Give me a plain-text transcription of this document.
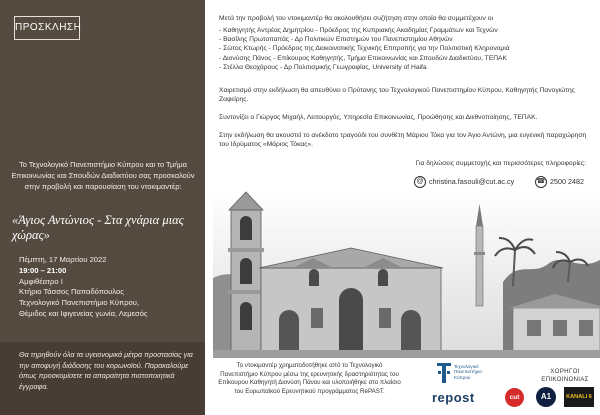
ΠΡΟΣΚΛΗΣΗ
Το Τεχνολογικό Πανεπιστήμιο Κύπρου και το Τμήμα Επικοινωνίας και Σπουδών Διαδικτύου σας προσκαλούν στην προβολή και παρουσίαση του ντοκιμαντέρ:
«Άγιος Αντώνιος - Στα χνάρια μιας χώρας»
Πέμπτη, 17 Μαρτίου 2022
19:00 – 21:00
Αμφιθέατρο Ι
Κτήριο Τάσσος Παπαδόπουλος
Τεχνολογικό Πανεπιστήμιο Κύπρου,
Θέμιδος και Ιφιγενείας γωνία, Λεμεσός
Θα τηρηθούν όλα τα υγειονομικά μέτρα προστασίας για την αποφυγή διάδοσης του κορωνοϊού. Παρακαλούμε όπως προσκομίσετε τα απαραίτητα πιστοποιητικά έγγραφα.
Μετά την προβολή του ντοκιμαντέρ θα ακολουθήσει συζήτηση στην οποία θα συμμετέχουν οι
- Καθηγητής Αντρέας Δημητρίου - Πρόεδρος της Κυπριακής Ακαδημίας Γραμμάτων και Τεχνών
- Βασίλης Πρωτοπαπάς - Δρ Πολιτικών Επιστημών του Πανεπιστημίου Αθηνών
- Σώτος Κτωρής - Πρόεδρος της Διακοινοτικής Τεχνικής Επιτροπής για την Πολιτιστική Κληρονομιά
- Διονύσης Πάνος - Επίκουρος Καθηγητής, Τμήμα Επικοινωνίας και Σπουδών Διαδικτύου, ΤΕΠΑΚ
- Στέλλα Θεοχάρους - Δρ Πολιτισμικής Γεωγραφίας, University of Haifa
Χαιρετισμό στην εκδήλωση θα απευθύνει ο Πρύτανης του Τεχνολογικού Πανεπιστημίου Κύπρου, Καθηγητής Πανογιώτης Ζαφείρης.
Συντονίζει ο Γιώργος Μιχαήλ, Λειτουργός, Υπηρεσία Επικοινωνίας, Προώθησης και Διεθνοποίησης, ΤΕΠΑΚ.
Στην εκδήλωση θα ακουστεί το ανέκδοτο τραγούδι του συνθέτη Μάριου Τόκα για τον Άγιο Αντώνη, μια ευγενική παραχώρηση του Ιδρύματος «Μάριος Τόκας».
Για δηλώσεις συμμετοχής και περισσότερες πληροφορίες:
@ christina.fasouli@cut.ac.cy	☎ 2500 2482
Το ντοκιμαντέρ χρηματοδοτήθηκε από το Τεχνολογικό Πανεπιστήμιο Κύπρου μέσω της ερευνητικής δραστηριότητας του Επίκουρου Καθηγητή Διονύση Πάνου και υλοποιήθηκε στο πλαίσιο του Ευρωπαϊκού Ερευνητικού προγράμματος RePAST.
Τεχνολογικό Πανεπιστήμιο Κύπρου
ΧΟΡΗΓΟΙ ΕΠΙΚΟΙΝΩΝΙΑΣ
repost	cut	A1	KANALI 6
